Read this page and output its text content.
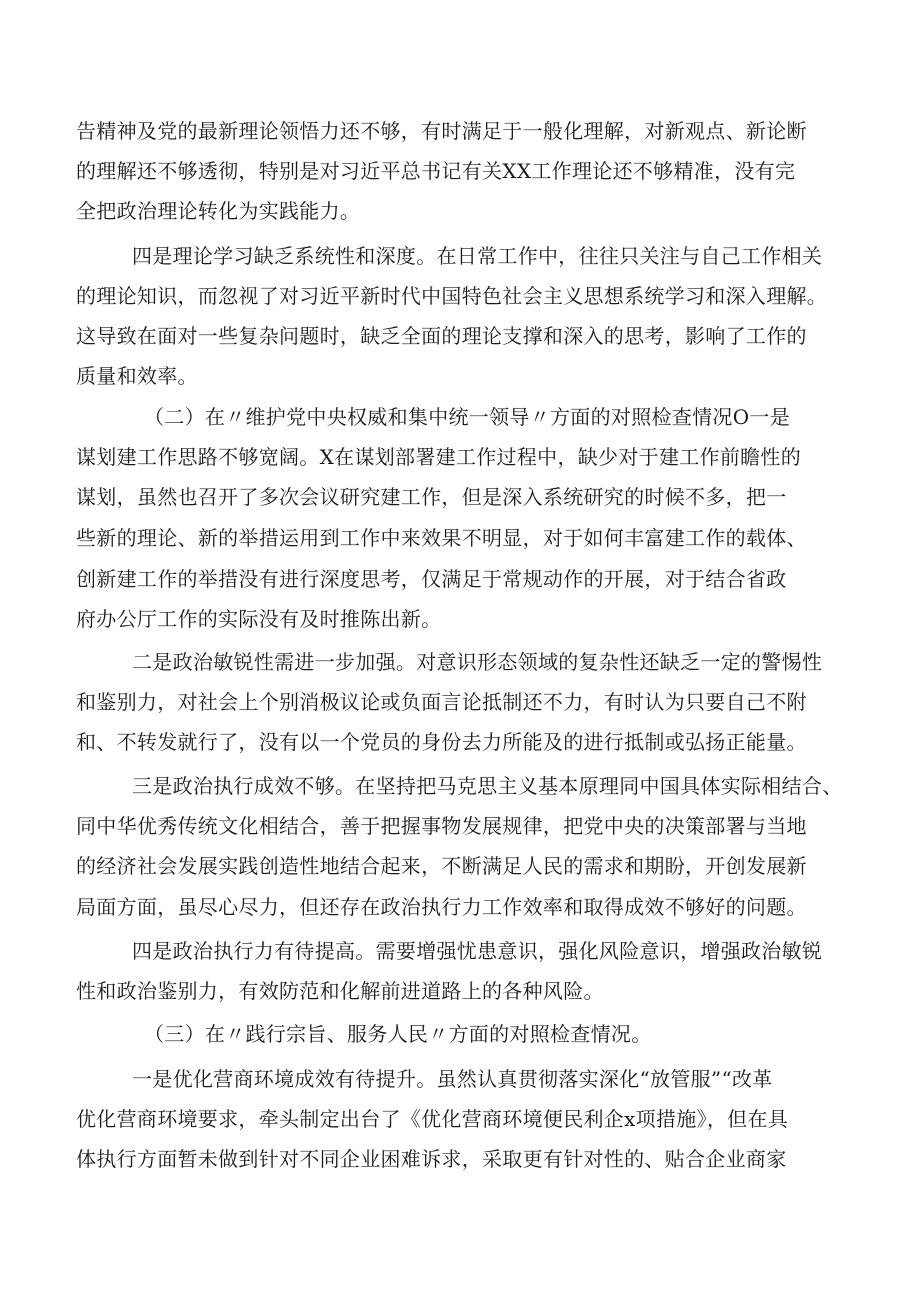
告精神及党的最新理论领悟力还不够，有时满足于一般化理解，对新观点、新论断

的理解还不够透彻，特别是对习近平总书记有关XX工作理论还不够精准，没有完

全把政治理论转化为实践能力。

四是理论学习缺乏系统性和深度。在日常工作中，往往只关注与自己工作相关

的理论知识，而忽视了对习近平新时代中国特色社会主义思想系统学习和深入理解。

这导致在面对一些复杂问题时，缺乏全面的理论支撑和深入的思考，影响了工作的

质量和效率。

（二）在〃维护党中央权威和集中统一领导〃方面的对照检查情况O一是

谋划建工作思路不够宽阔。X在谋划部署建工作过程中，缺少对于建工作前瞻性的

谋划，虽然也召开了多次会议研究建工作，但是深入系统研究的时候不多，把一

些新的理论、新的举措运用到工作中来效果不明显，对于如何丰富建工作的载体、

创新建工作的举措没有进行深度思考，仅满足于常规动作的开展，对于结合省政

府办公厅工作的实际没有及时推陈出新。

二是政治敏锐性需进一步加强。对意识形态领域的复杂性还缺乏一定的警惕性

和鉴别力，对社会上个别消极议论或负面言论抵制还不力，有时认为只要自己不附

和、不转发就行了，没有以一个党员的身份去力所能及的进行抵制或弘扬正能量。

三是政治执行成效不够。在坚持把马克思主义基本原理同中国具体实际相结合、

同中华优秀传统文化相结合，善于把握事物发展规律，把党中央的决策部署与当地

的经济社会发展实践创造性地结合起来，不断满足人民的需求和期盼，开创发展新

局面方面，虽尽心尽力，但还存在政治执行力工作效率和取得成效不够好的问题。

四是政治执行力有待提高。需要增强忧患意识，强化风险意识，增强政治敏锐

性和政治鉴别力，有效防范和化解前进道路上的各种风险。

（三）在〃践行宗旨、服务人民〃方面的对照检查情况。

一是优化营商环境成效有待提升。虽然认真贯彻落实深化“放管服”“改革

优化营商环境要求，牵头制定出台了《优化营商环境便民利企x项措施》，但在具

体执行方面暂未做到针对不同企业困难诉求，采取更有针对性的、贴合企业商家
